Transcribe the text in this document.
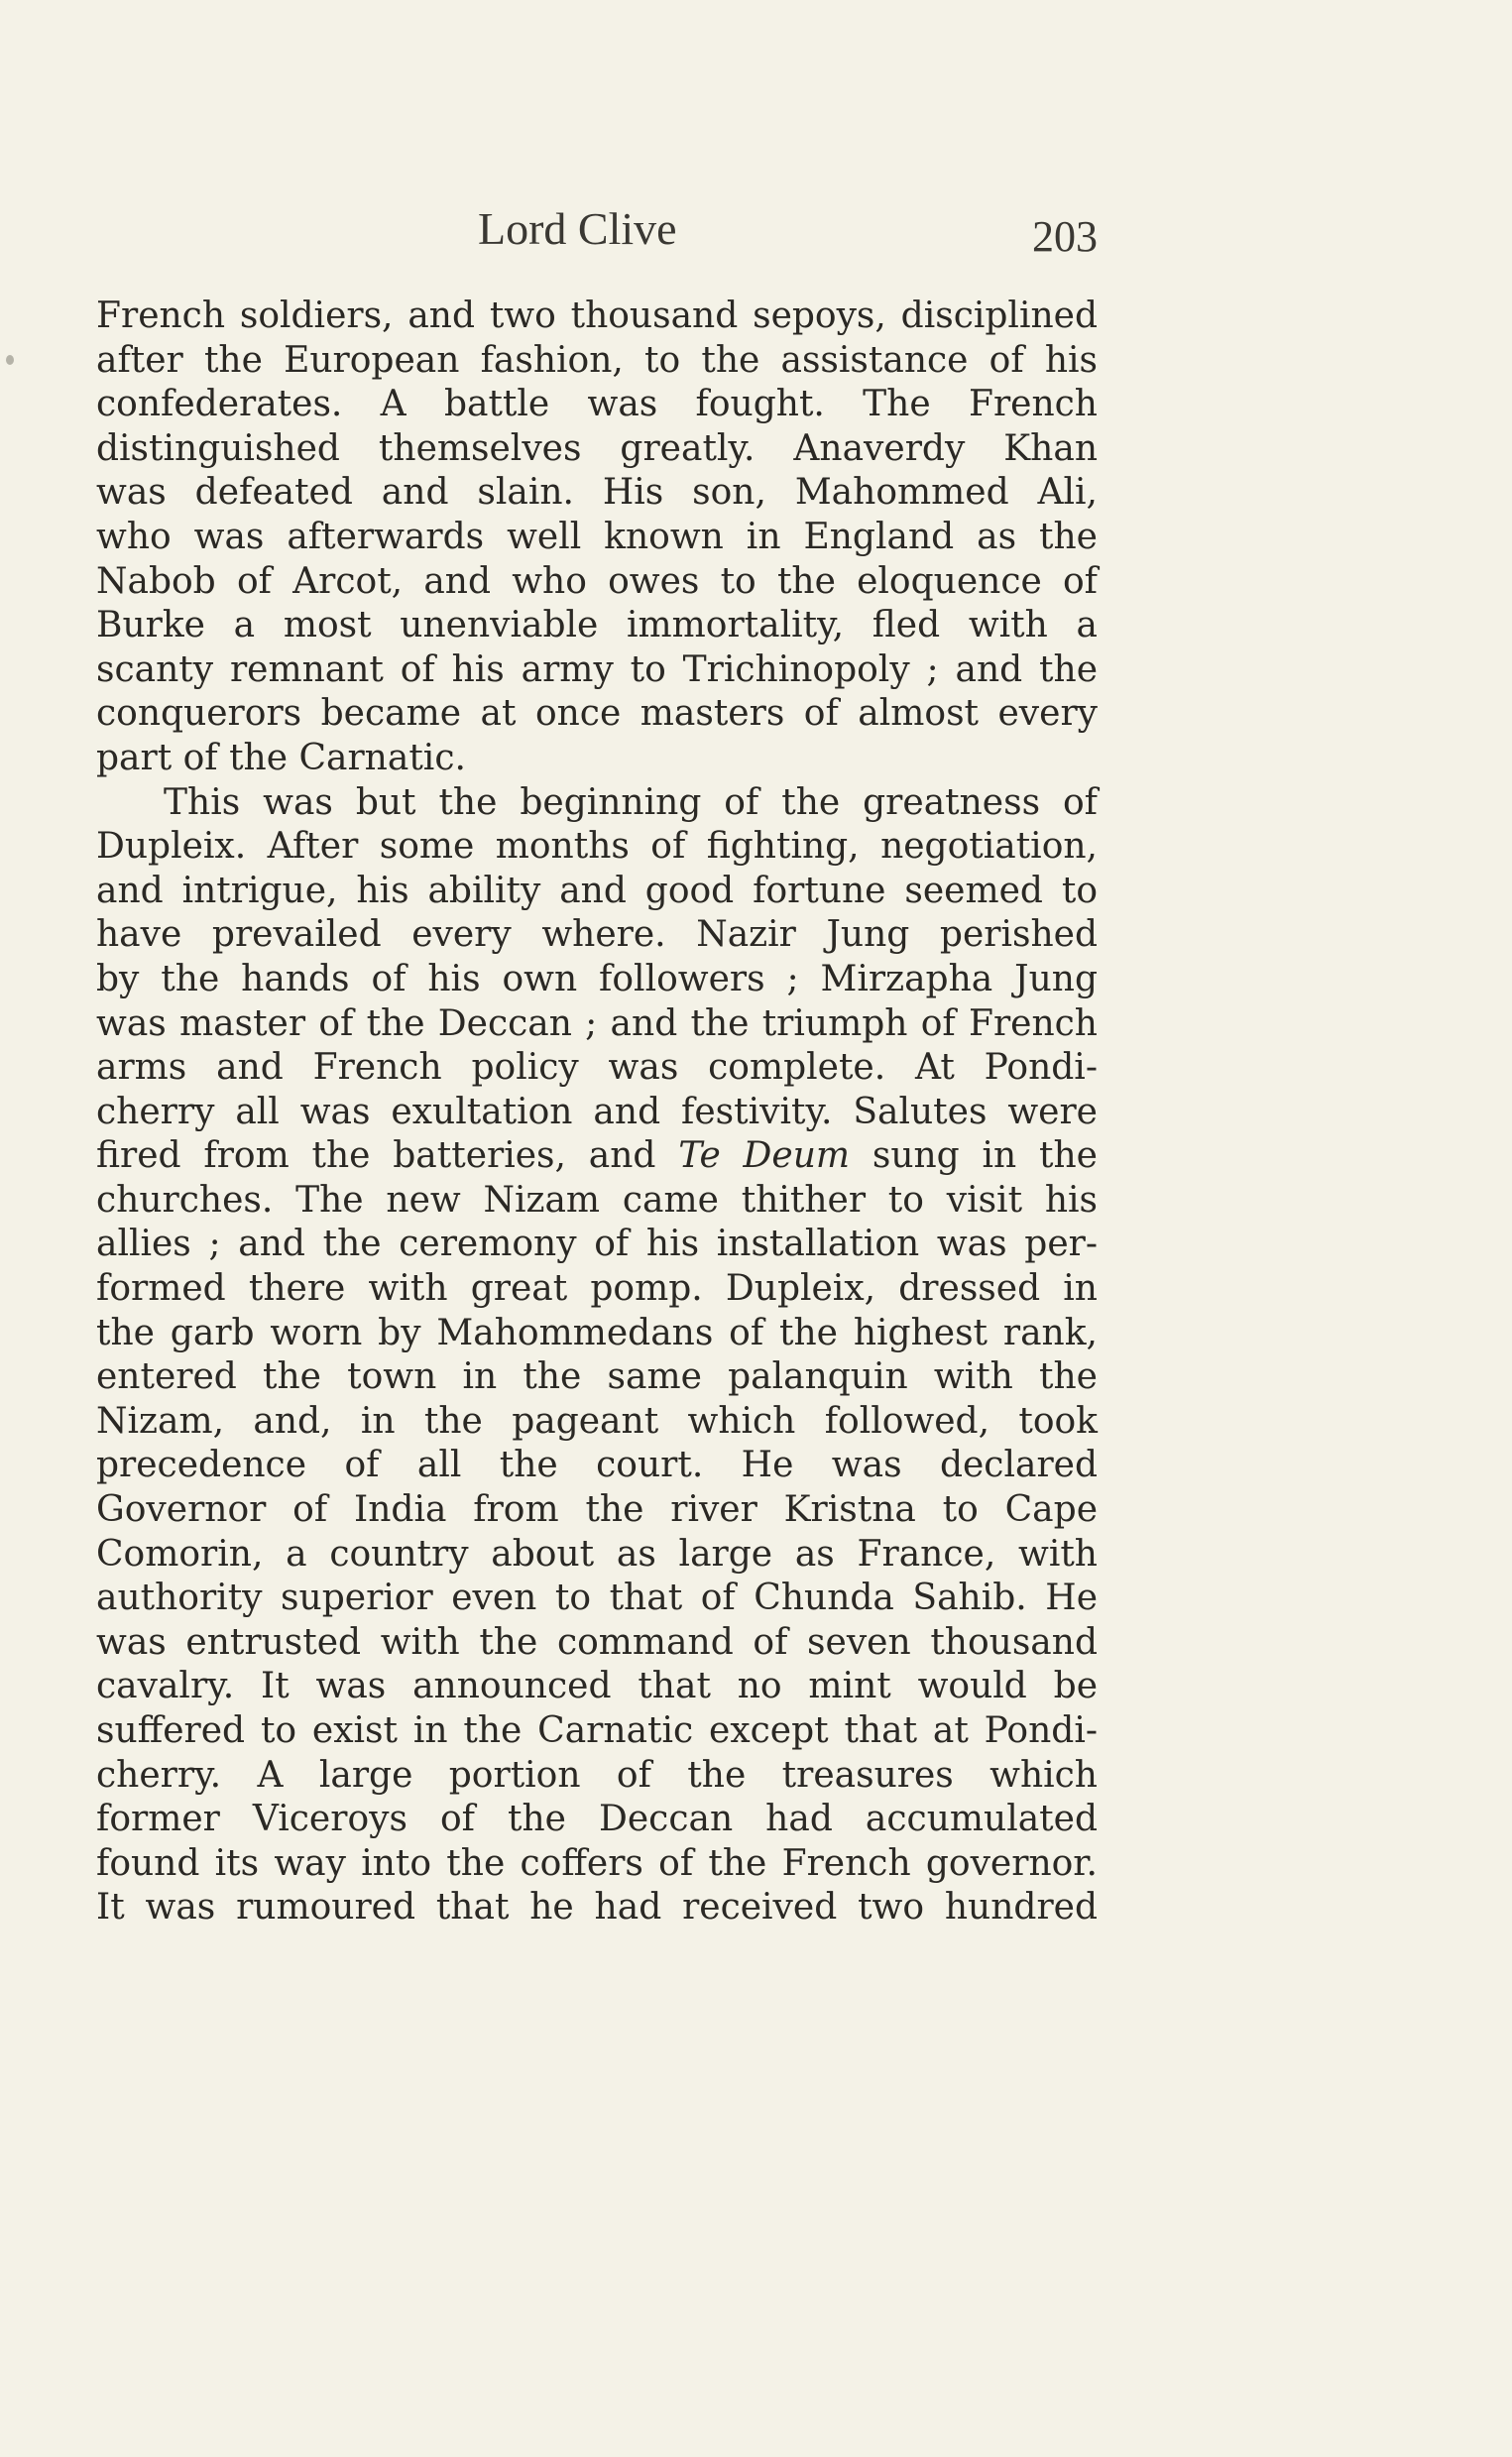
Lord Clive	203
French soldiers, and two thousand sepoys, disciplined
after the European fashion, to the assistance of his
confederates. A battle was fought. The French
distinguished themselves greatly. Anaverdy Khan
was defeated and slain. His son, Mahommed Ali,
who was afterwards well known in England as the
Nabob of Arcot, and who owes to the eloquence of
Burke a most unenviable immortality, fled with a
scanty remnant of his army to Trichinopoly ; and the
conquerors became at once masters of almost every
part of the Carnatic.
This was but the beginning of the greatness of
Dupleix. After some months of fighting, negotiation,
and intrigue, his ability and good fortune seemed to
have prevailed every where. Nazir Jung perished
by the hands of his own followers ; Mirzapha Jung
was master of the Deccan ; and the triumph of French
arms and French policy was complete. At Pondi-
cherry all was exultation and festivity. Salutes were
fired from the batteries, and Te Deum sung in the
churches. The new Nizam came thither to visit his
allies ; and the ceremony of his installation was per-
formed there with great pomp. Dupleix, dressed in
the garb worn by Mahommedans of the highest rank,
entered the town in the same palanquin with the
Nizam, and, in the pageant which followed, took
precedence of all the court. He was declared
Governor of India from the river Kristna to Cape
Comorin, a country about as large as France, with
authority superior even to that of Chunda Sahib. He
was entrusted with the command of seven thousand
cavalry. It was announced that no mint would be
suffered to exist in the Carnatic except that at Pondi-
cherry. A large portion of the treasures which
former Viceroys of the Deccan had accumulated
found its way into the coffers of the French governor.
It was rumoured that he had received two hundred
